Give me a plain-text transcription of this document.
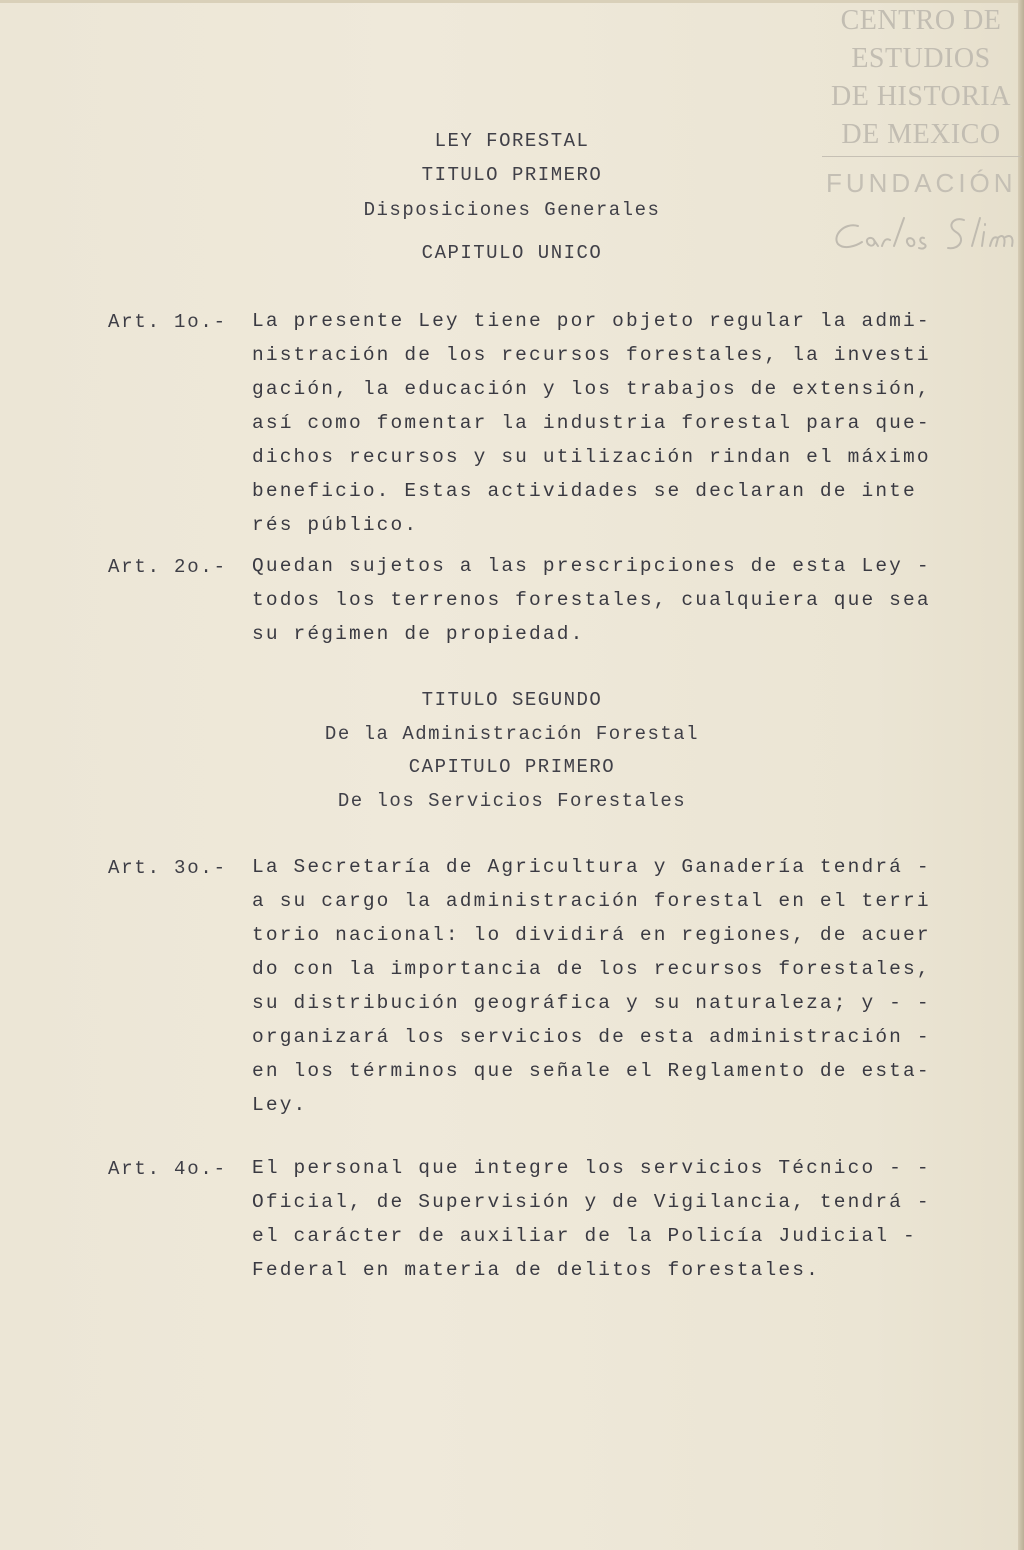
CENTRO DE
ESTUDIOS
DE HISTORIA
DE MEXICO
FUNDACIÓN
LEY FORESTAL
TITULO PRIMERO
Disposiciones Generales
CAPITULO UNICO
Art. 1o.- La presente Ley tiene por objeto regular la admi-
nistración de los recursos forestales, la investi
gación, la educación y los trabajos de extensión,
así como fomentar la industria forestal para que-
dichos recursos y su utilización rindan el máximo
beneficio. Estas actividades se declaran de inte
rés público.
Art. 2o.- Quedan sujetos a las prescripciones de esta Ley -
todos los terrenos forestales, cualquiera que sea
su régimen de propiedad.
TITULO SEGUNDO
De la Administración Forestal
CAPITULO PRIMERO
De los Servicios Forestales
Art. 3o.- La Secretaría de Agricultura y Ganadería tendrá -
a su cargo la administración forestal en el terri
torio nacional: lo dividirá en regiones, de acuer
do con la importancia de los recursos forestales,
su distribución geográfica y su naturaleza; y - -
organizará los servicios de esta administración -
en los términos que señale el Reglamento de esta-
Ley.
Art. 4o.- El personal que integre los servicios Técnico - -
Oficial, de Supervisión y de Vigilancia, tendrá -
el carácter de auxiliar de la Policía Judicial -
Federal en materia de delitos forestales.
